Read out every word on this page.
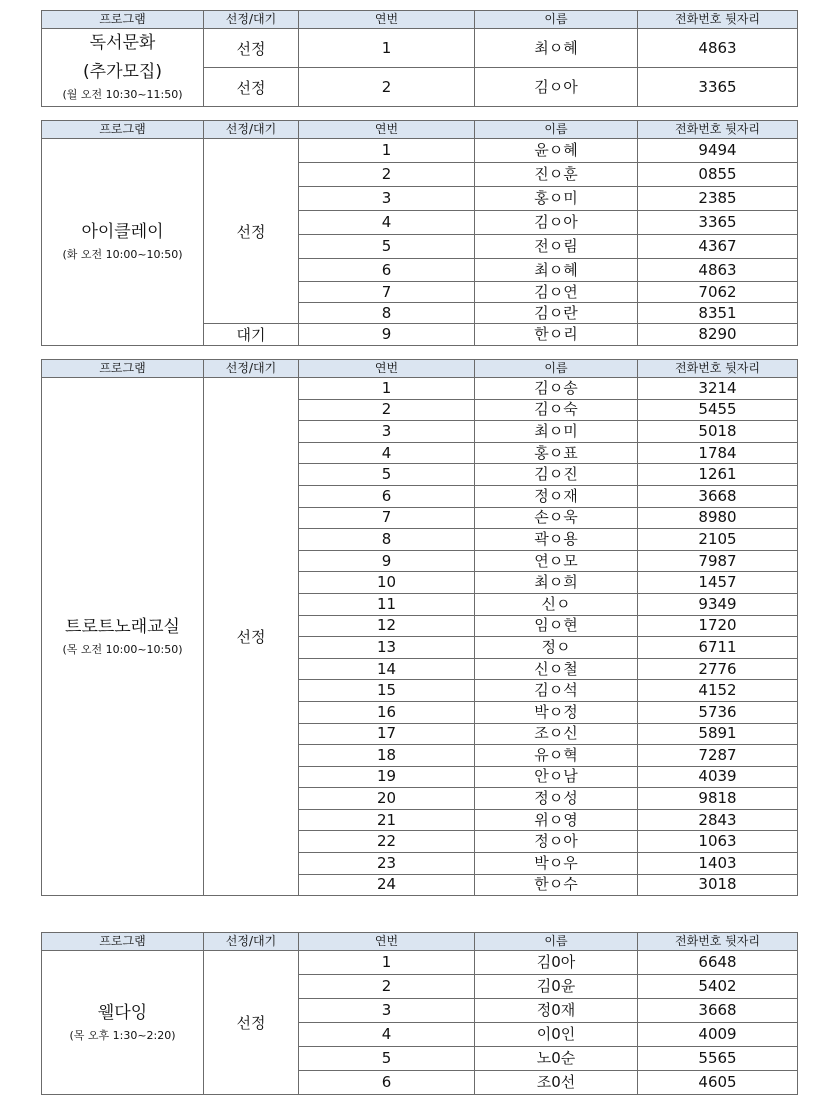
프로그램	선정/대기	연번	이름	전화번호 뒷자리

독서문화
(추가모집)
(월 오전 10:30~11:50)	선정	1	최ㅇ혜	4863
	선정	2	김ㅇ아	3365
프로그램	선정/대기	연번	이름	전화번호 뒷자리

아이클레이
(화 오전 10:00~10:50)	선정	1	윤ㅇ혜	9494
		2	진ㅇ훈	0855
		3	홍ㅇ미	2385
		4	김ㅇ아	3365
		5	전ㅇ림	4367
		6	최ㅇ혜	4863
		7	김ㅇ연	7062
		8	김ㅇ란	8351
	대기	9	한ㅇ리	8290
프로그램	선정/대기	연번	이름	전화번호 뒷자리

트로트노래교실
(목 오전 10:00~10:50)	선정	1	김ㅇ송	3214
		2	김ㅇ숙	5455
		3	최ㅇ미	5018
		4	홍ㅇ표	1784
		5	김ㅇ진	1261
		6	정ㅇ재	3668
		7	손ㅇ욱	8980
		8	곽ㅇ용	2105
		9	연ㅇ모	7987
		10	최ㅇ희	1457
		11	신ㅇ	9349
		12	임ㅇ현	1720
		13	정ㅇ	6711
		14	신ㅇ철	2776
		15	김ㅇ석	4152
		16	박ㅇ정	5736
		17	조ㅇ신	5891
		18	유ㅇ혁	7287
		19	안ㅇ남	4039
		20	정ㅇ성	9818
		21	위ㅇ영	2843
		22	정ㅇ아	1063
		23	박ㅇ우	1403
		24	한ㅇ수	3018
프로그램	선정/대기	연번	이름	전화번호 뒷자리

웰다잉
(목 오후 1:30~2:20)	선정	1	김0아	6648
		2	김0윤	5402
		3	정0재	3668
		4	이0인	4009
		5	노0순	5565
		6	조0선	4605
